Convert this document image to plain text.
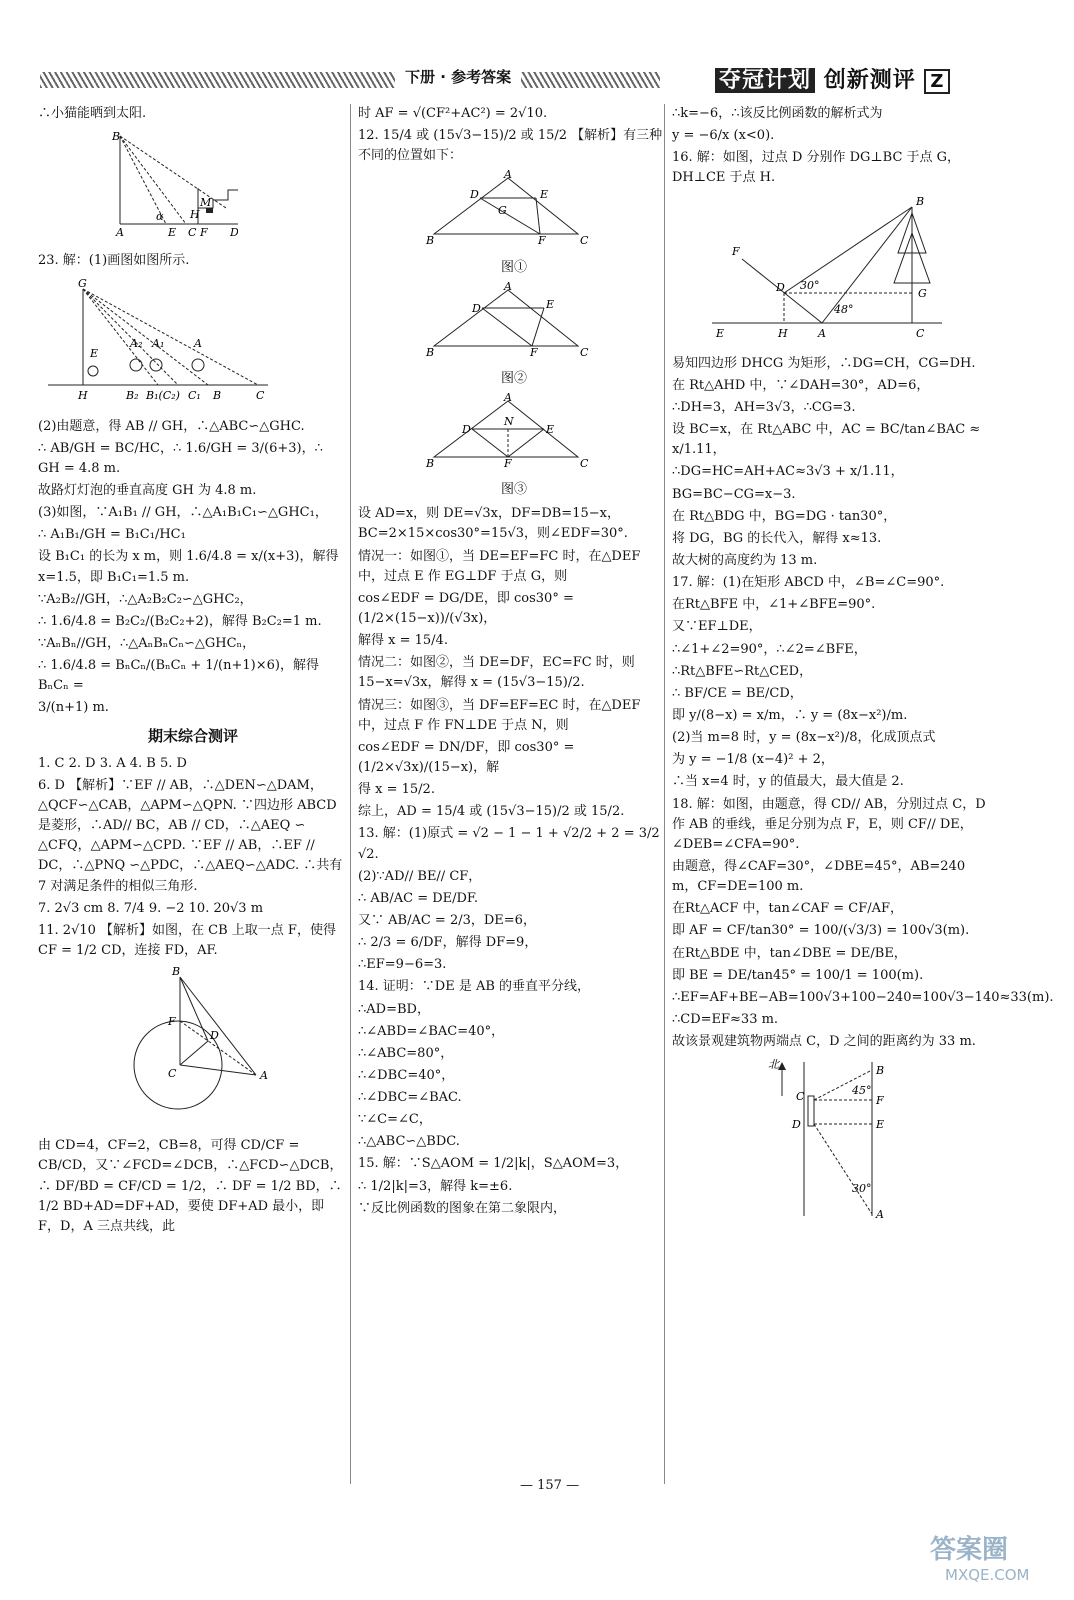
下册 · 参考答案	夺冠计划 创新测评 Z

∴小猫能晒到太阳.

B
A	E C F D
M
H
α

23. 解：(1)画图如图所示.

G
E
A₂ A₁	A
H	B₂ B₁(C₂) C₁ B	C

(2)由题意，得 AB // GH，∴△ABC∽△GHC.

∴ AB/GH = BC/HC，∴ 1.6/GH = 3/(6+3)，∴ GH = 4.8 m.

故路灯灯泡的垂直高度 GH 为 4.8 m.

(3)如图，∵A₁B₁ // GH，∴△A₁B₁C₁∽△GHC₁，

∴ A₁B₁/GH = B₁C₁/HC₁

设 B₁C₁ 的长为 x m，则 1.6/4.8 = x/(x+3)，解得 x=1.5，即 B₁C₁=1.5 m.

∵A₂B₂//GH，∴△A₂B₂C₂∽△GHC₂，

∴ 1.6/4.8 = B₂C₂/(B₂C₂+2)，解得 B₂C₂=1 m.

∵AₙBₙ//GH，∴△AₙBₙCₙ∽△GHCₙ，

∴ 1.6/4.8 = BₙCₙ/(BₙCₙ + 1/(n+1)×6)，解得 BₙCₙ =

3/(n+1) m.

期末综合测评

1. C 2. D 3. A 4. B 5. D

6. D 【解析】∵EF // AB，∴△DEN∽△DAM，△QCF∽△CAB，△APM∽△QPN. ∵四边形 ABCD 是菱形，∴AD// BC，AB // CD，∴△AEQ ∽ △CFQ，△APM∽△CPD. ∵EF // AB，∴EF // DC，∴△PNQ ∽△PDC，∴△AEQ∽△ADC. ∴共有 7 对满足条件的相似三角形.

7. 2√3 cm 8. 7/4 9. −2 10. 20√3 m

11. 2√10 【解析】如图，在 CB 上取一点 F，使得 CF = 1/2 CD，连接 FD，AF.

B
F
D
C	A

由 CD=4，CF=2，CB=8，可得 CD/CF = CB/CD，又∵∠FCD=∠DCB，∴△FCD∽△DCB，∴ DF/BD = CF/CD = 1/2，∴ DF = 1/2 BD，∴ 1/2 BD+AD=DF+AD，要使 DF+AD 最小，即 F，D，A 三点共线，此

时 AF = √(CF²+AC²) = 2√10.

12. 15/4 或 (15√3−15)/2 或 15/2 【解析】有三种不同的位置如下：

D
A
E
G
B	F	C
图①
D
A
E
B	F	C
图②
D
A
E
N
B	F	C
图③

设 AD=x，则 DE=√3x，DF=DB=15−x，BC=2×15×cos30°=15√3，则∠EDF=30°.

情况一：如图①，当 DE=EF=FC 时，在△DEF 中，过点 E 作 EG⊥DF 于点 G，则

cos∠EDF = DG/DE，即 cos30° = (1/2×(15−x))/(√3x)，

解得 x = 15/4.

情况二：如图②，当 DE=DF，EC=FC 时，则 15−x=√3x，解得 x = (15√3−15)/2.

情况三：如图③，当 DF=EF=EC 时，在△DEF 中，过点 F 作 FN⊥DE 于点 N，则

cos∠EDF = DN/DF，即 cos30° = (1/2×√3x)/(15−x)，解

得 x = 15/2.

综上，AD = 15/4 或 (15√3−15)/2 或 15/2.

13. 解：(1)原式 = √2 − 1 − 1 + √2/2 + 2 = 3/2 √2.

(2)∵AD// BE// CF，

∴ AB/AC = DE/DF.

又∵ AB/AC = 2/3，DE=6，

∴ 2/3 = 6/DF，解得 DF=9，

∴EF=9−6=3.

14. 证明：∵DE 是 AB 的垂直平分线，

∴AD=BD，

∴∠ABD=∠BAC=40°，

∴∠ABC=80°，

∴∠DBC=40°，

∴∠DBC=∠BAC.

∵∠C=∠C，

∴△ABC∽△BDC.

15. 解：∵S△AOM = 1/2|k|，S△AOM=3，

∴ 1/2|k|=3，解得 k=±6.

∵反比例函数的图象在第二象限内，

∴k=−6，∴该反比例函数的解析式为

y = −6/x (x<0).

16. 解：如图，过点 D 分别作 DG⊥BC 于点 G，DH⊥CE 于点 H.

F
30°
48°
B
G
E	H	A	C
D

易知四边形 DHCG 为矩形，∴DG=CH，CG=DH.

在 Rt△AHD 中，∵∠DAH=30°，AD=6，

∴DH=3，AH=3√3，∴CG=3.

设 BC=x，在 Rt△ABC 中，AC = BC/tan∠BAC ≈ x/1.11，

∴DG=HC=AH+AC≈3√3 + x/1.11，

BG=BC−CG=x−3.

在 Rt△BDG 中，BG=DG · tan30°，

将 DG，BG 的长代入，解得 x≈13.

故大树的高度约为 13 m.

17. 解：(1)在矩形 ABCD 中，∠B=∠C=90°.

在Rt△BFE 中，∠1+∠BFE=90°.

又∵EF⊥DE，

∴∠1+∠2=90°，∴∠2=∠BFE，

∴Rt△BFE∽Rt△CED，

∴ BF/CE = BE/CD，

即 y/(8−x) = x/m，∴ y = (8x−x²)/m.

(2)当 m=8 时，y = (8x−x²)/8，化成顶点式

为 y = −1/8 (x−4)² + 2，

∴当 x=4 时，y 的值最大，最大值是 2.

18. 解：如图，由题意，得 CD// AB，分别过点 C，D 作 AB 的垂线，垂足分别为点 F，E，则 CF// DE，∠DEB=∠CFA=90°.

由题意，得∠CAF=30°，∠DBE=45°，AB=240 m，CF=DE=100 m.

在Rt△ACF 中，tan∠CAF = CF/AF，

即 AF = CF/tan30° = 100/(√3/3) = 100√3(m).

在Rt△BDE 中，tan∠DBE = DE/BE，

即 BE = DE/tan45° = 100/1 = 100(m).

∴EF=AF+BE−AB=100√3+100−240=100√3−140≈33(m).

∴CD=EF≈33 m.

故该景观建筑物两端点 C，D 之间的距离约为 33 m.

北	B
C	45°
F
D	E
30°
A
— 157 —
答案圈
MXQE.COM
